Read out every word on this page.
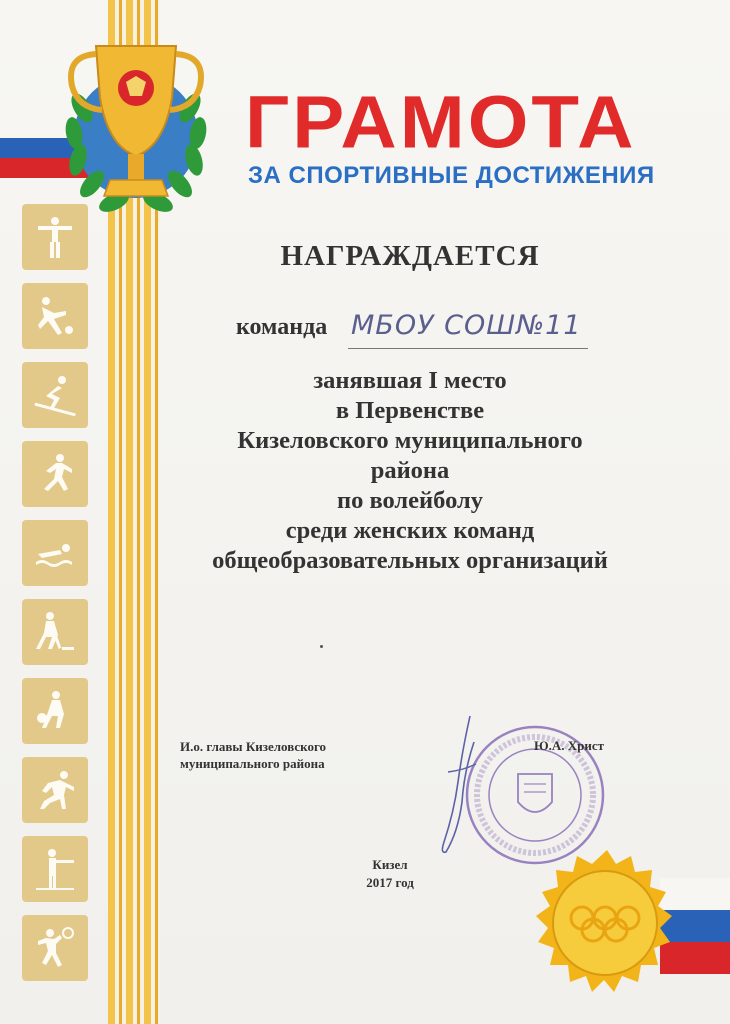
ГРАМОТА
ЗА СПОРТИВНЫЕ ДОСТИЖЕНИЯ
НАГРАЖДАЕТСЯ
команда МБОУ СОШ№11
занявшая I место
в Первенстве
Кизеловского муниципального
района
по волейболу
среди женских команд
общеобразовательных организаций
И.о. главы Кизеловского
муниципального района
Ю.А. Христ
Кизел
2017 год
